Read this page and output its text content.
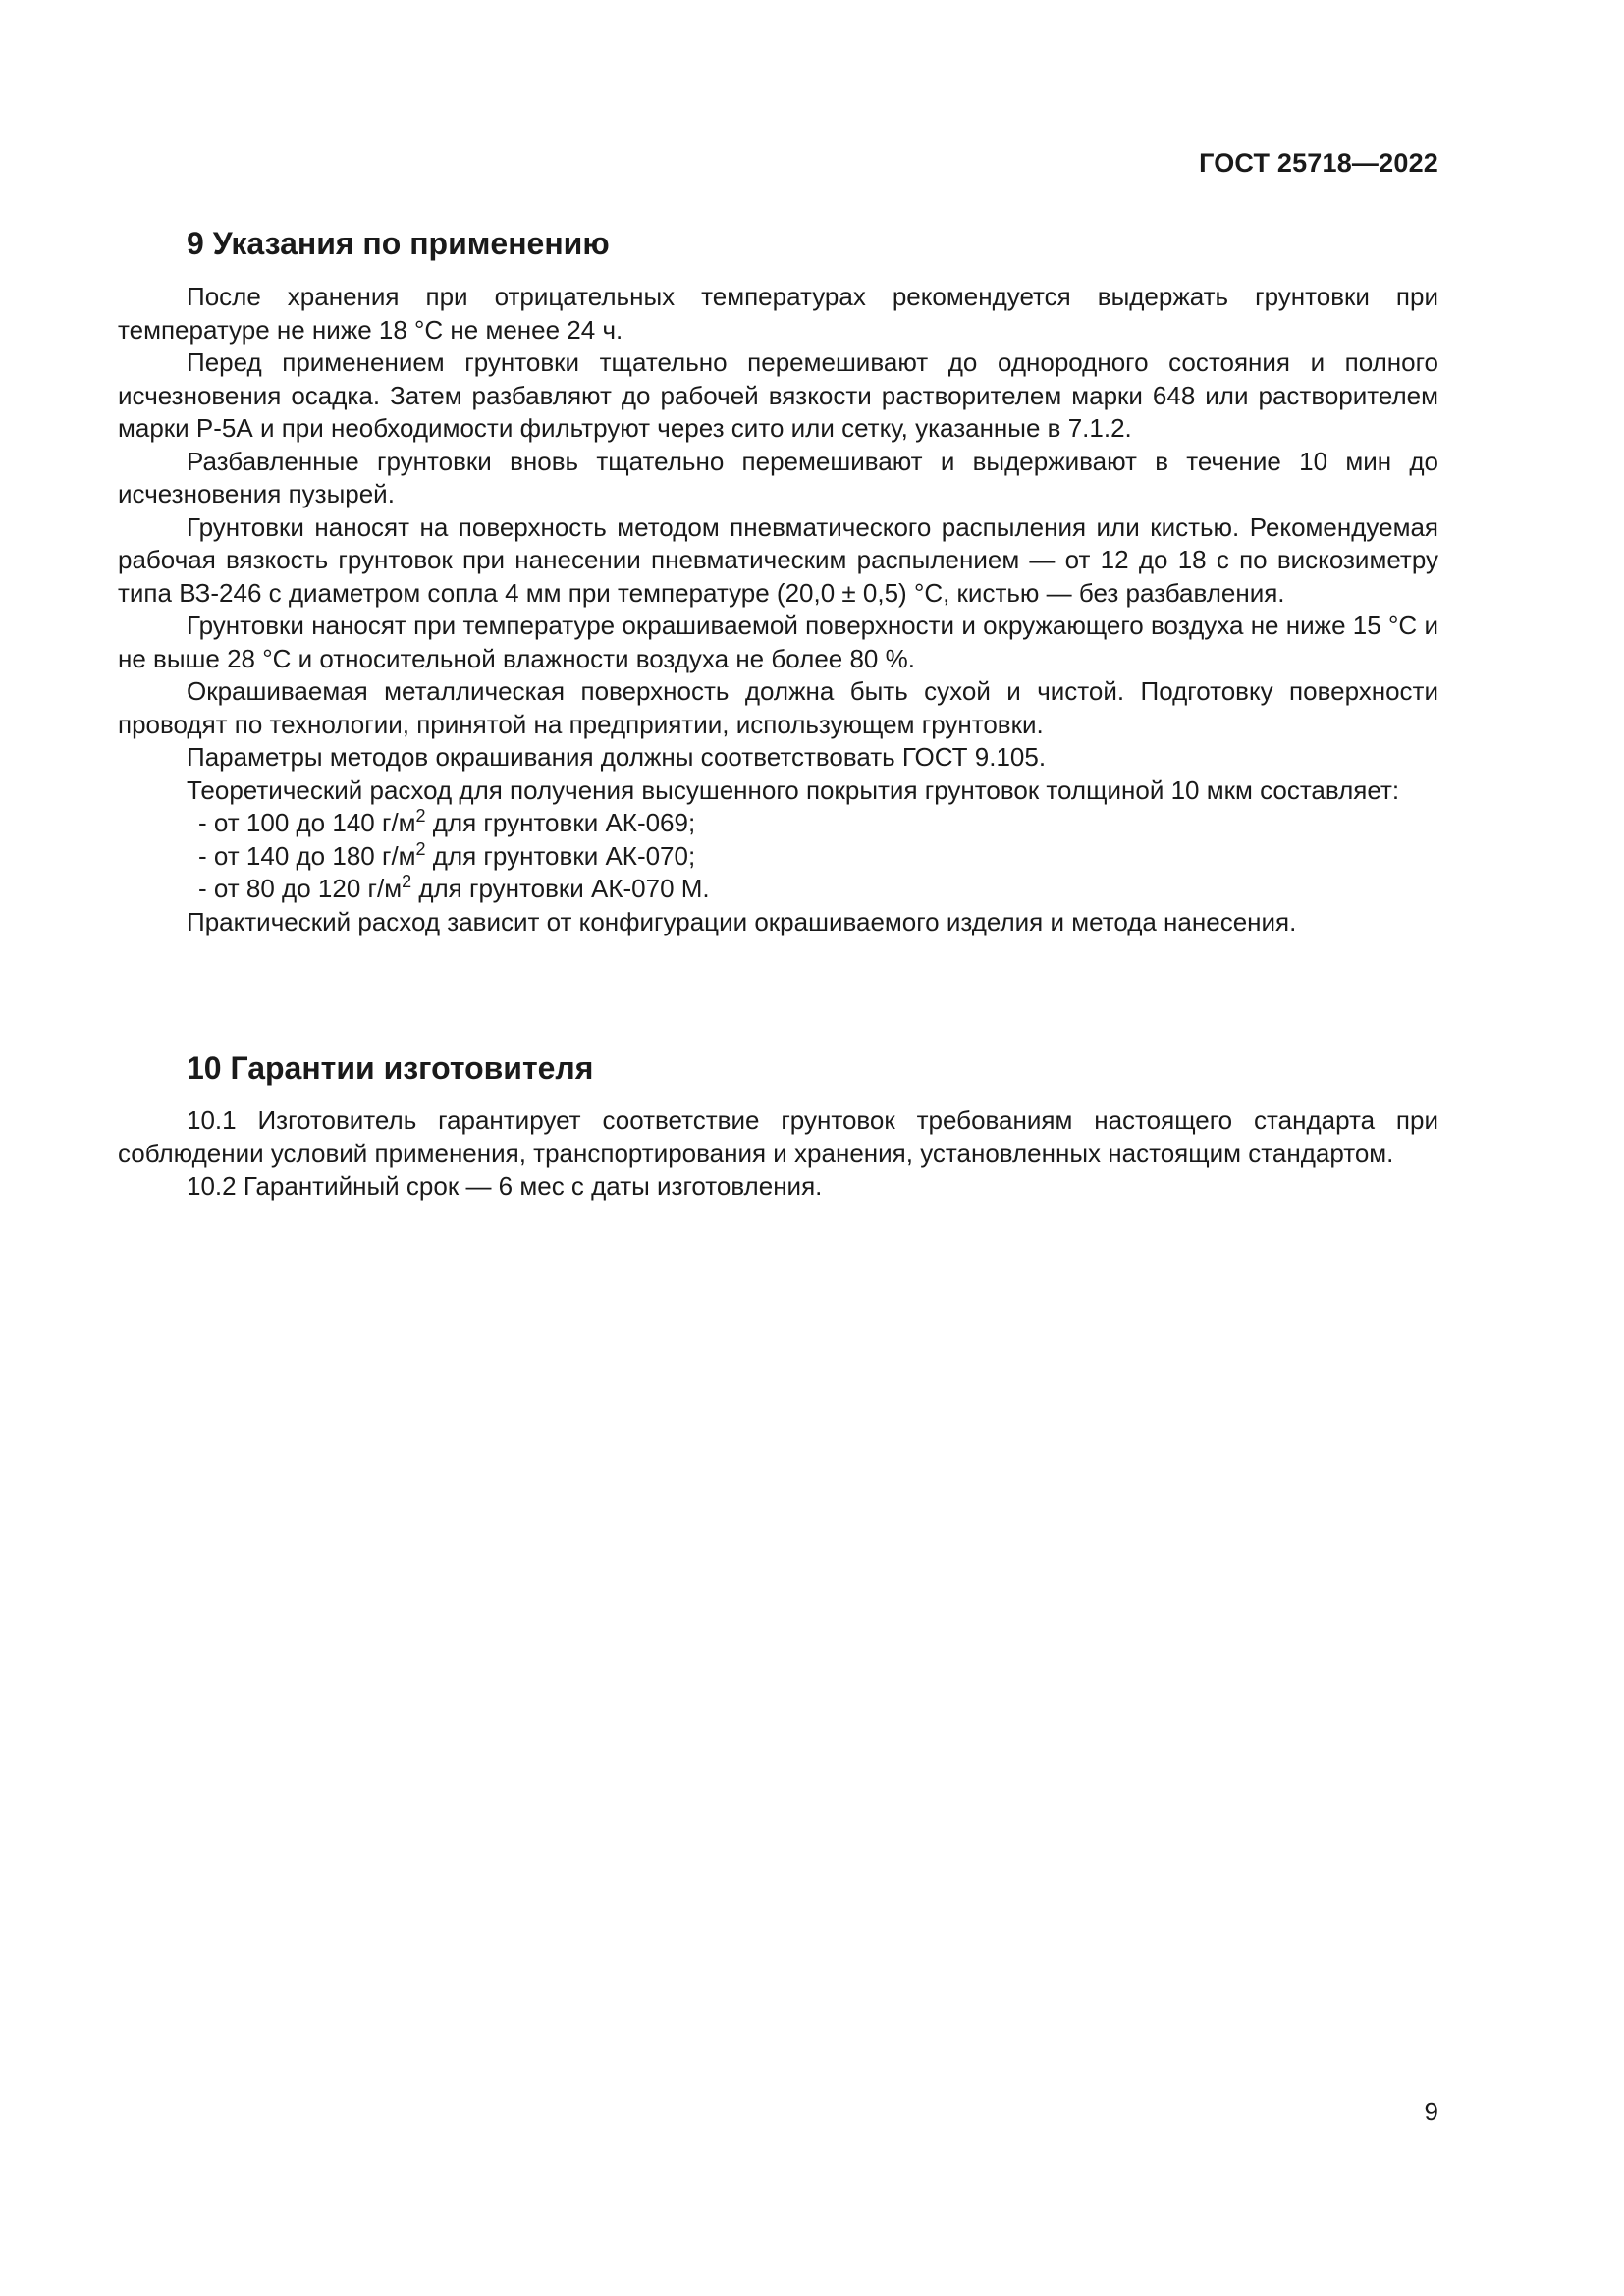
ГОСТ 25718—2022
9 Указания по применению

После хранения при отрицательных температурах рекомендуется выдержать грунтовки при температуре не ниже 18 °С не менее 24 ч.

Перед применением грунтовки тщательно перемешивают до однородного состояния и полного исчезновения осадка. Затем разбавляют до рабочей вязкости растворителем марки 648 или растворителем марки Р-5А и при необходимости фильтруют через сито или сетку, указанные в 7.1.2.

Разбавленные грунтовки вновь тщательно перемешивают и выдерживают в течение 10 мин до исчезновения пузырей.

Грунтовки наносят на поверхность методом пневматического распыления или кистью. Рекомендуемая рабочая вязкость грунтовок при нанесении пневматическим распылением — от 12 до 18 с по вискозиметру типа ВЗ-246 с диаметром сопла 4 мм при температуре (20,0 ± 0,5) °С, кистью — без разбавления.

Грунтовки наносят при температуре окрашиваемой поверхности и окружающего воздуха не ниже 15 °С и не выше 28 °С и относительной влажности воздуха не более 80 %.

Окрашиваемая металлическая поверхность должна быть сухой и чистой. Подготовку поверхности проводят по технологии, принятой на предприятии, использующем грунтовки.

Параметры методов окрашивания должны соответствовать ГОСТ 9.105.

Теоретический расход для получения высушенного покрытия грунтовок толщиной 10 мкм составляет:

- от 100 до 140 $г/м^2$ для грунтовки АК-069;
- от 140 до 180 $г/м^2$ для грунтовки АК-070;
- от 80 до 120 $г/м^2$ для грунтовки АК-070 М.

Практический расход зависит от конфигурации окрашиваемого изделия и метода нанесения.

10 Гарантии изготовителя

10.1 Изготовитель гарантирует соответствие грунтовок требованиям настоящего стандарта при соблюдении условий применения, транспортирования и хранения, установленных настоящим стандартом.

10.2 Гарантийный срок — 6 мес с даты изготовления.

9
